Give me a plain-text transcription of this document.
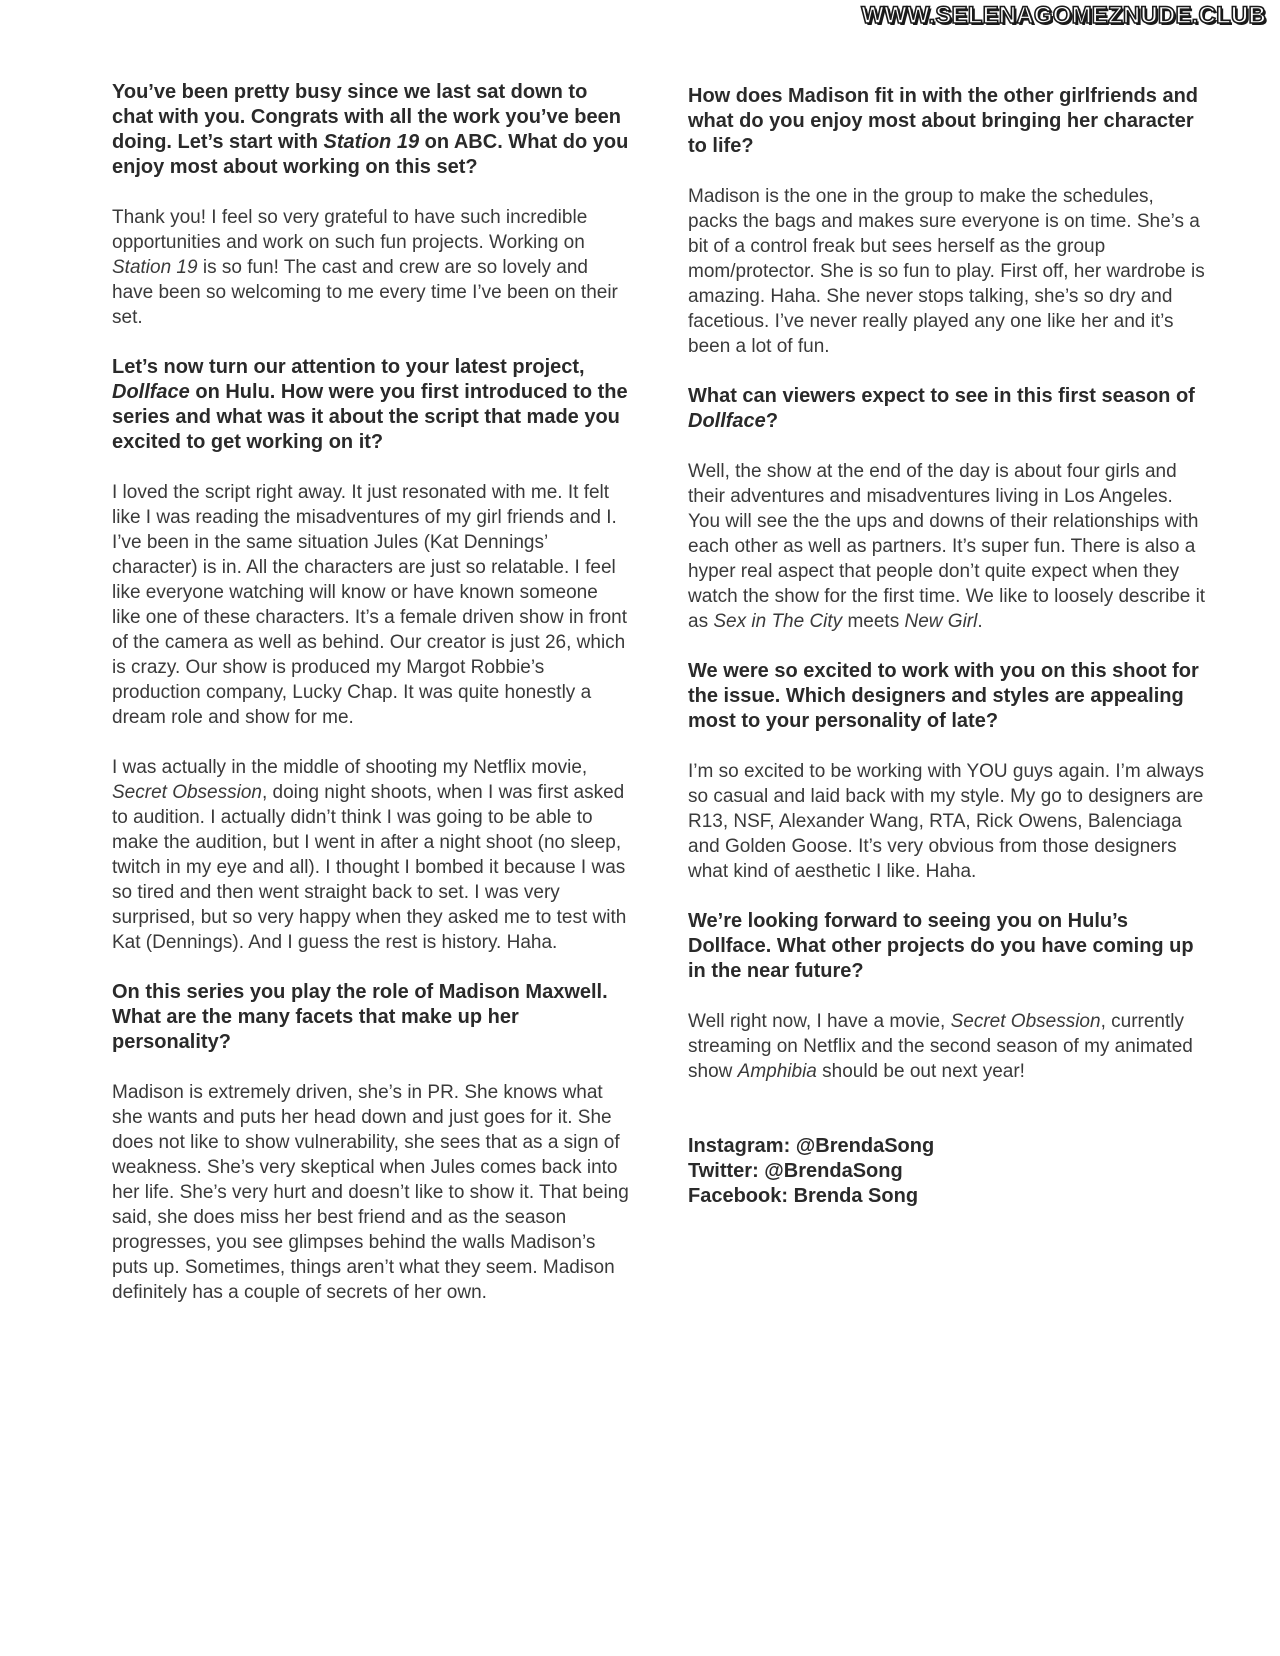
WWW.SELENAGOMEZNUDE.CLUB

You’ve been pretty busy since we last sat down to chat with you. Congrats with all the work you’ve been doing. Let’s start with Station 19 on ABC. What do you enjoy most about working on this set?

Thank you! I feel so very grateful to have such incredible opportunities and work on such fun projects. Working on Station 19 is so fun! The cast and crew are so lovely and have been so welcoming to me every time I’ve been on their set.

Let’s now turn our attention to your latest project, Dollface on Hulu. How were you first introduced to the series and what was it about the script that made you excited to get working on it?

I loved the script right away. It just resonated with me. It felt like I was reading the misadventures of my girl friends and I. I’ve been in the same situation Jules (Kat Dennings’ character) is in. All the characters are just so relatable. I feel like everyone watching will know or have known someone like one of these characters. It’s a female driven show in front of the camera as well as behind. Our creator is just 26, which is crazy. Our show is produced my Margot Robbie’s production company, Lucky Chap. It was quite honestly a dream role and show for me.

I was actually in the middle of shooting my Netflix movie, Secret Obsession, doing night shoots, when I was first asked to audition. I actually didn’t think I was going to be able to make the audition, but I went in after a night shoot (no sleep, twitch in my eye and all). I thought I bombed it because I was so tired and then went straight back to set. I was very surprised, but so very happy when they asked me to test with Kat (Dennings). And I guess the rest is history. Haha.

On this series you play the role of Madison Maxwell. What are the many facets that make up her personality?

Madison is extremely driven, she’s in PR. She knows what she wants and puts her head down and just goes for it. She does not like to show vulnerability, she sees that as a sign of weakness. She’s very skeptical when Jules comes back into her life. She’s very hurt and doesn’t like to show it. That being said, she does miss her best friend and as the season progresses, you see glimpses behind the walls Madison’s puts up. Sometimes, things aren’t what they seem. Madison definitely has a couple of secrets of her own.

How does Madison fit in with the other girlfriends and what do you enjoy most about bringing her character to life?

Madison is the one in the group to make the schedules, packs the bags and makes sure everyone is on time. She’s a bit of a control freak but sees herself as the group mom/protector. She is so fun to play. First off, her wardrobe is amazing. Haha. She never stops talking, she’s so dry and facetious. I’ve never really played any one like her and it’s been a lot of fun.

What can viewers expect to see in this first season of Dollface?

Well, the show at the end of the day is about four girls and their adventures and misadventures living in Los Angeles. You will see the the ups and downs of their relationships with each other as well as partners. It’s super fun. There is also a hyper real aspect that people don’t quite expect when they watch the show for the first time. We like to loosely describe it as Sex in The City meets New Girl.

We were so excited to work with you on this shoot for the issue. Which designers and styles are appealing most to your personality of late?

I’m so excited to be working with YOU guys again. I’m always so casual and laid back with my style. My go to designers are R13, NSF, Alexander Wang, RTA, Rick Owens, Balenciaga and Golden Goose. It’s very obvious from those designers what kind of aesthetic I like. Haha.

We’re looking forward to seeing you on Hulu’s Dollface. What other projects do you have coming up in the near future?

Well right now, I have a movie, Secret Obsession, currently streaming on Netflix and the second season of my animated show Amphibia should be out next year!

Instagram: @BrendaSong
Twitter: @BrendaSong
Facebook: Brenda Song
